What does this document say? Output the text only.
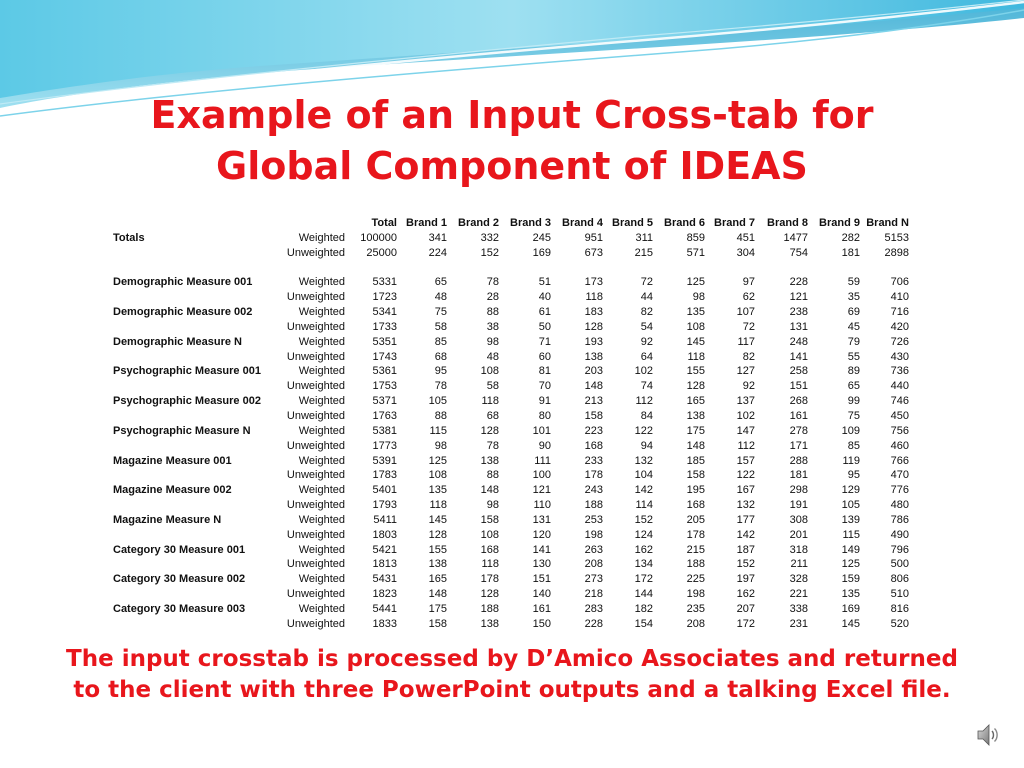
Example of an Input Cross-tab for
Global Component of IDEAS
		Total	Brand 1	Brand 2	Brand 3	Brand 4	Brand 5	Brand 6	Brand 7	Brand 8	Brand 9	Brand N
Totals	Weighted	100000	341	332	245	951	311	859	451	1477	282	5153
	Unweighted	25000	224	152	169	673	215	571	304	754	181	2898

Demographic Measure 001	Weighted	5331	65	78	51	173	72	125	97	228	59	706
	Unweighted	1723	48	28	40	118	44	98	62	121	35	410
Demographic Measure 002	Weighted	5341	75	88	61	183	82	135	107	238	69	716
	Unweighted	1733	58	38	50	128	54	108	72	131	45	420
Demographic Measure N	Weighted	5351	85	98	71	193	92	145	117	248	79	726
	Unweighted	1743	68	48	60	138	64	118	82	141	55	430
Psychographic Measure 001	Weighted	5361	95	108	81	203	102	155	127	258	89	736
	Unweighted	1753	78	58	70	148	74	128	92	151	65	440
Psychographic Measure 002	Weighted	5371	105	118	91	213	112	165	137	268	99	746
	Unweighted	1763	88	68	80	158	84	138	102	161	75	450
Psychographic Measure N	Weighted	5381	115	128	101	223	122	175	147	278	109	756
	Unweighted	1773	98	78	90	168	94	148	112	171	85	460
Magazine Measure 001	Weighted	5391	125	138	111	233	132	185	157	288	119	766
	Unweighted	1783	108	88	100	178	104	158	122	181	95	470
Magazine Measure 002	Weighted	5401	135	148	121	243	142	195	167	298	129	776
	Unweighted	1793	118	98	110	188	114	168	132	191	105	480
Magazine Measure N	Weighted	5411	145	158	131	253	152	205	177	308	139	786
	Unweighted	1803	128	108	120	198	124	178	142	201	115	490
Category 30 Measure 001	Weighted	5421	155	168	141	263	162	215	187	318	149	796
	Unweighted	1813	138	118	130	208	134	188	152	211	125	500
Category 30 Measure 002	Weighted	5431	165	178	151	273	172	225	197	328	159	806
	Unweighted	1823	148	128	140	218	144	198	162	221	135	510
Category 30 Measure 003	Weighted	5441	175	188	161	283	182	235	207	338	169	816
	Unweighted	1833	158	138	150	228	154	208	172	231	145	520
The input crosstab is processed by D’Amico Associates and returned
to the client with three PowerPoint outputs and a talking Excel file.
